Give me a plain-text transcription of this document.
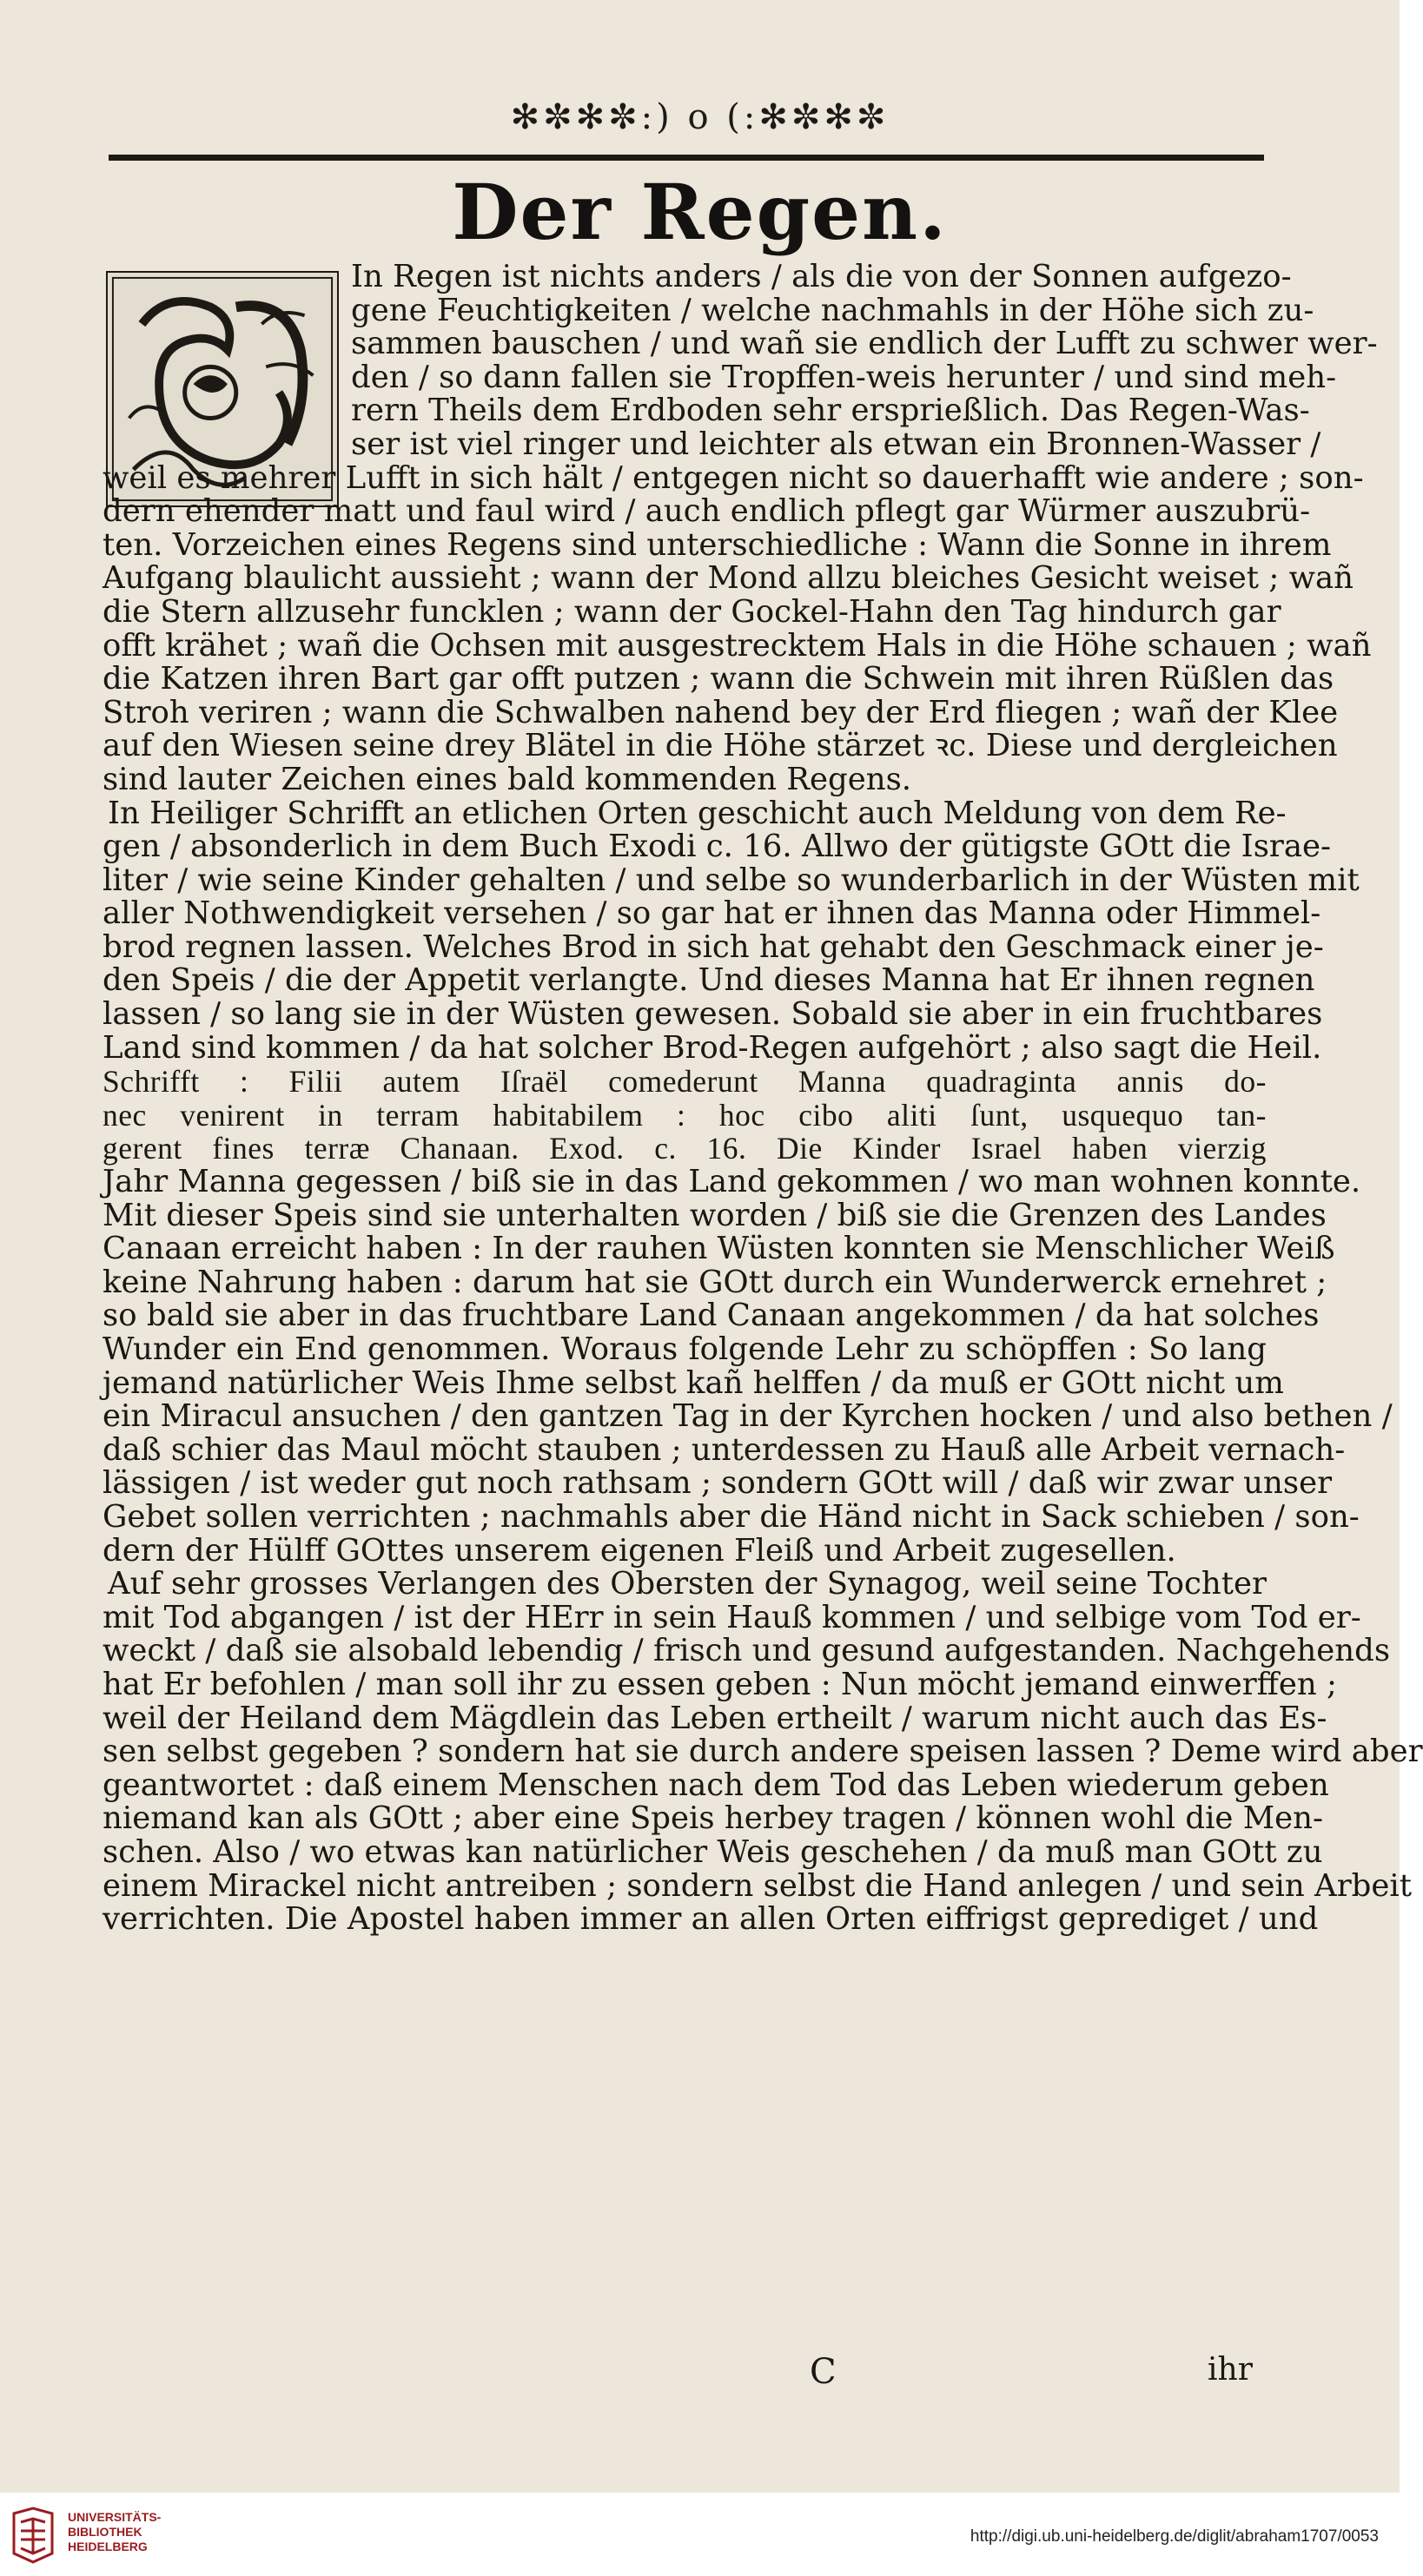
✻✼✻✼:) o (:✻✼✻✼
Der Regen.
In Regen ist nichts anders / als die von der Sonnen aufgezo-
gene Feuchtigkeiten / welche nachmahls in der Höhe sich zu-
sammen bauschen / und wañ sie endlich der Lufft zu schwer wer-
den / so dann fallen sie Tropffen-weis herunter / und sind meh-
rern Theils dem Erdboden sehr ersprießlich. Das Regen-Was-
ser ist viel ringer und leichter als etwan ein Bronnen-Wasser /
weil es mehrer Lufft in sich hält / entgegen nicht so dauerhafft wie andere ; son-
dern ehender matt und faul wird / auch endlich pflegt gar Würmer auszubrü-
ten. Vorzeichen eines Regens sind unterschiedliche : Wann die Sonne in ihrem
Aufgang blaulicht aussieht ; wann der Mond allzu bleiches Gesicht weiset ; wañ
die Stern allzusehr funcklen ; wann der Gockel-Hahn den Tag hindurch gar
offt krähet ; wañ die Ochsen mit ausgestrecktem Hals in die Höhe schauen ; wañ
die Katzen ihren Bart gar offt putzen ; wann die Schwein mit ihren Rüßlen das
Stroh veriren ; wann die Schwalben nahend bey der Erd fliegen ; wañ der Klee
auf den Wiesen seine drey Blätel in die Höhe stärzet ꝛc. Diese und dergleichen
sind lauter Zeichen eines bald kommenden Regens.
In Heiliger Schrifft an etlichen Orten geschicht auch Meldung von dem Re-
gen / absonderlich in dem Buch Exodi c. 16. Allwo der gütigste GOtt die Israe-
liter / wie seine Kinder gehalten / und selbe so wunderbarlich in der Wüsten mit
aller Nothwendigkeit versehen / so gar hat er ihnen das Manna oder Himmel-
brod regnen lassen. Welches Brod in sich hat gehabt den Geschmack einer je-
den Speis / die der Appetit verlangte. Und dieses Manna hat Er ihnen regnen
lassen / so lang sie in der Wüsten gewesen. Sobald sie aber in ein fruchtbares
Land sind kommen / da hat solcher Brod-Regen aufgehört ; also sagt die Heil.
Schrifft : Filii autem Iſraël comederunt Manna quadraginta annis do-
nec venirent in terram habitabilem : hoc cibo aliti ſunt, usquequo tan-
gerent fines terræ Chanaan. Exod. c. 16. Die Kinder Israel haben vierzig
Jahr Manna gegessen / biß sie in das Land gekommen / wo man wohnen konnte.
Mit dieser Speis sind sie unterhalten worden / biß sie die Grenzen des Landes
Canaan erreicht haben : In der rauhen Wüsten konnten sie Menschlicher Weiß
keine Nahrung haben : darum hat sie GOtt durch ein Wunderwerck ernehret ;
so bald sie aber in das fruchtbare Land Canaan angekommen / da hat solches
Wunder ein End genommen. Woraus folgende Lehr zu schöpffen : So lang
jemand natürlicher Weis Ihme selbst kañ helffen / da muß er GOtt nicht um
ein Miracul ansuchen / den gantzen Tag in der Kyrchen hocken / und also bethen /
daß schier das Maul möcht stauben ; unterdessen zu Hauß alle Arbeit vernach-
lässigen / ist weder gut noch rathsam ; sondern GOtt will / daß wir zwar unser
Gebet sollen verrichten ; nachmahls aber die Händ nicht in Sack schieben / son-
dern der Hülff GOttes unserem eigenen Fleiß und Arbeit zugesellen.
Auf sehr grosses Verlangen des Obersten der Synagog, weil seine Tochter
mit Tod abgangen / ist der HErr in sein Hauß kommen / und selbige vom Tod er-
weckt / daß sie alsobald lebendig / frisch und gesund aufgestanden. Nachgehends
hat Er befohlen / man soll ihr zu essen geben : Nun möcht jemand einwerffen ;
weil der Heiland dem Mägdlein das Leben ertheilt / warum nicht auch das Es-
sen selbst gegeben ? sondern hat sie durch andere speisen lassen ? Deme wird aber
geantwortet : daß einem Menschen nach dem Tod das Leben wiederum geben
niemand kan als GOtt ; aber eine Speis herbey tragen / können wohl die Men-
schen. Also / wo etwas kan natürlicher Weis geschehen / da muß man GOtt zu
einem Mirackel nicht antreiben ; sondern selbst die Hand anlegen / und sein Arbeit
verrichten. Die Apostel haben immer an allen Orten eiffrigst geprediget / und
C	ihr
UNIVERSITÄTS-
BIBLIOTHEK
HEIDELBERG
http://digi.ub.uni-heidelberg.de/diglit/abraham1707/0053
